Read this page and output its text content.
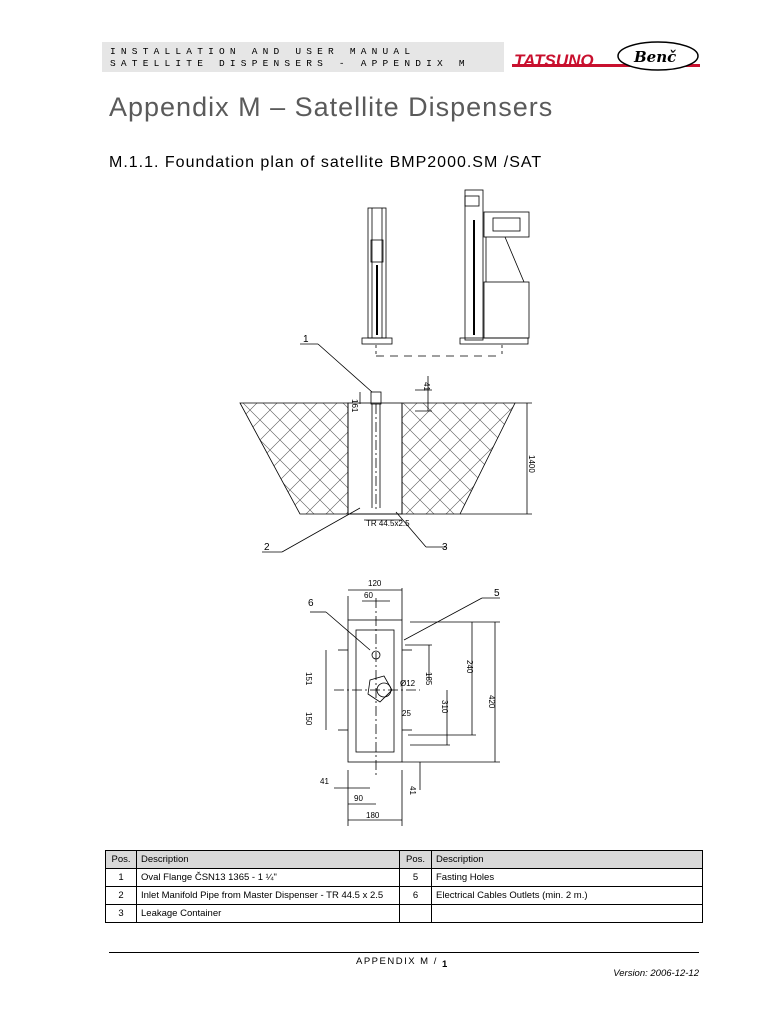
INSTALLATION AND USER MANUAL
SATELLITE DISPENSERS - APPENDIX M	TATSUNO	Benč
Appendix M – Satellite Dispensers
M.1.1. Foundation plan of satellite BMP2000.SM /SAT
1
2	3
5
6
41
1400
161
TR 44.5x2.5
120
60
185
240
310	420
Ø12
25
151
150
41
41
90
180
Pos.	Description	Pos.	Description
1	Oval Flange ČSN13 1365 - 1 ¼"	5	Fasting Holes
2	Inlet Manifold Pipe from Master Dispenser - TR 44.5 x 2.5	6	Electrical Cables Outlets (min. 2 m.)
3	Leakage Container		
APPENDIX M / 1
Version: 2006-12-12
